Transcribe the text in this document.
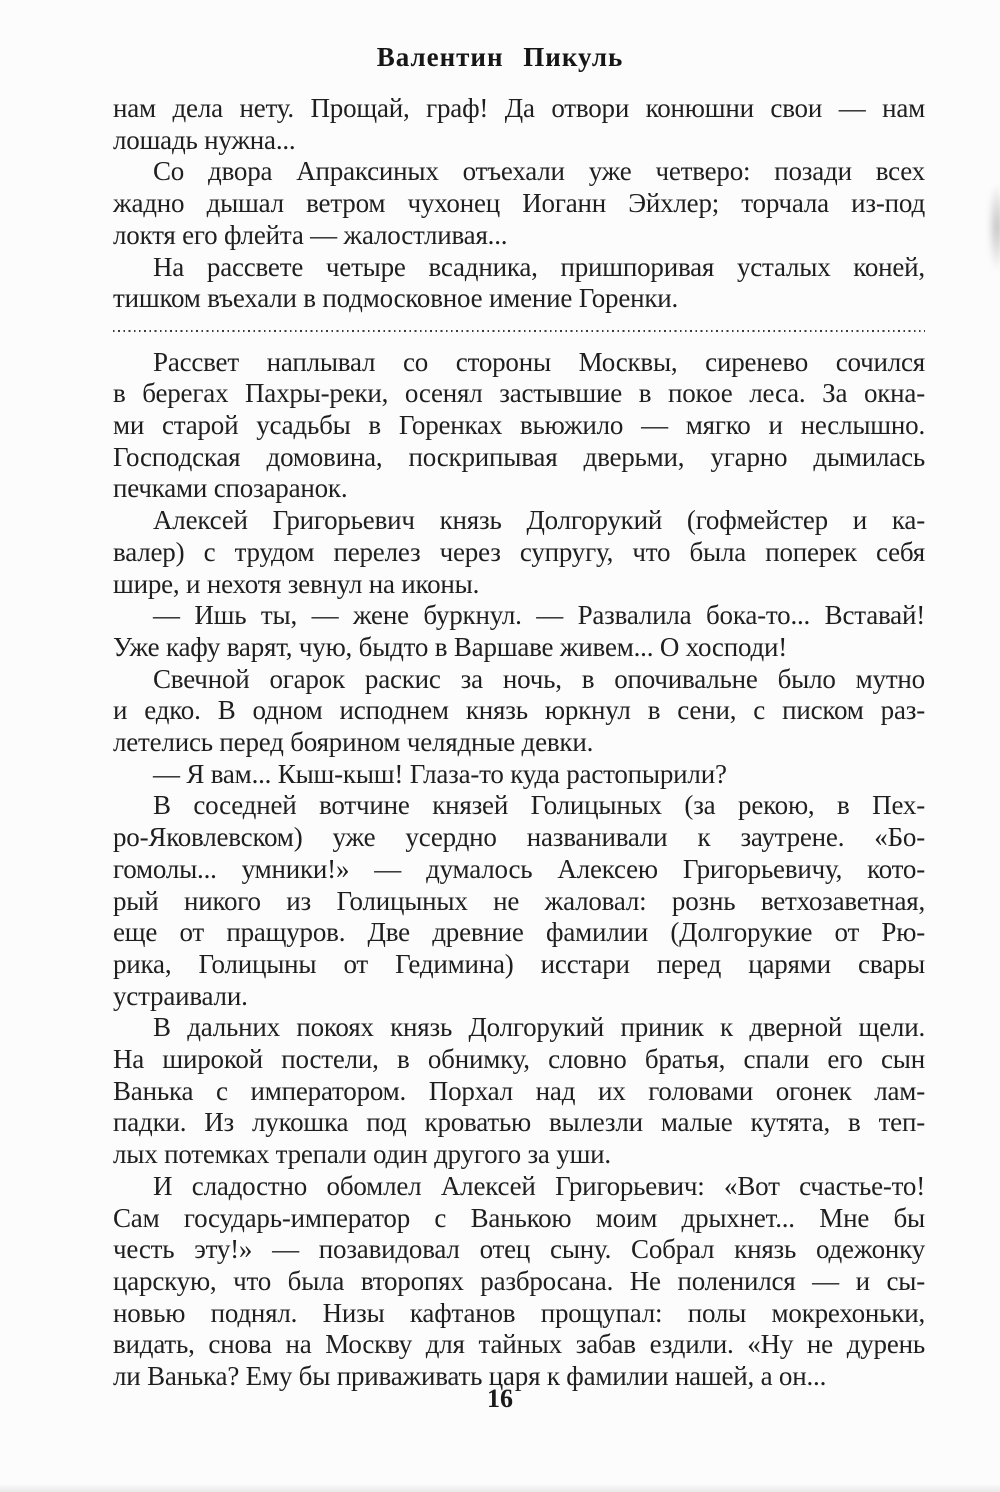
Валентин Пикуль
нам дела нету. Прощай, граф! Да отвори конюшни свои — нам
лошадь нужна...
Со двора Апраксиных отъехали уже четверо: позади всех
жадно дышал ветром чухонец Иоганн Эйхлер; торчала из-под
локтя его флейта — жалостливая...
На рассвете четыре всадника, пришпоривая усталых коней,
тишком въехали в подмосковное имение Горенки.
Рассвет наплывал со стороны Москвы, сиренево сочился
в берегах Пахры-реки, осенял застывшие в покое леса. За окна-
ми старой усадьбы в Горенках вьюжило — мягко и неслышно.
Господская домовина, поскрипывая дверьми, угарно дымилась
печками спозаранок.
Алексей Григорьевич князь Долгорукий (гофмейстер и ка-
валер) с трудом перелез через супругу, что была поперек себя
шире, и нехотя зевнул на иконы.
— Ишь ты, — жене буркнул. — Развалила бока-то... Вставай!
Уже кафу варят, чую, быдто в Варшаве живем... О хосподи!
Свечной огарок раскис за ночь, в опочивальне было мутно
и едко. В одном исподнем князь юркнул в сени, с писком раз-
летелись перед боярином челядные девки.
— Я вам... Кыш-кыш! Глаза-то куда растопырили?
В соседней вотчине князей Голицыных (за рекою, в Пех-
ро-Яковлевском) уже усердно названивали к заутрене. «Бо-
гомолы... умники!» — думалось Алексею Григорьевичу, кото-
рый никого из Голицыных не жаловал: рознь ветхозаветная,
еще от пращуров. Две древние фамилии (Долгорукие от Рю-
рика, Голицыны от Гедимина) исстари перед царями свары
устраивали.
В дальних покоях князь Долгорукий приник к дверной щели.
На широкой постели, в обнимку, словно братья, спали его сын
Ванька с императором. Порхал над их головами огонек лам-
падки. Из лукошка под кроватью вылезли малые кутята, в теп-
лых потемках трепали один другого за уши.
И сладостно обомлел Алексей Григорьевич: «Вот счастье-то!
Сам государь-император с Ванькою моим дрыхнет... Мне бы
честь эту!» — позавидовал отец сыну. Собрал князь одежонку
царскую, что была второпях разбросана. Не поленился — и сы-
новью поднял. Низы кафтанов прощупал: полы мокрехоньки,
видать, снова на Москву для тайных забав ездили. «Ну не дурень
ли Ванька? Ему бы приваживать царя к фамилии нашей, а он...
16
